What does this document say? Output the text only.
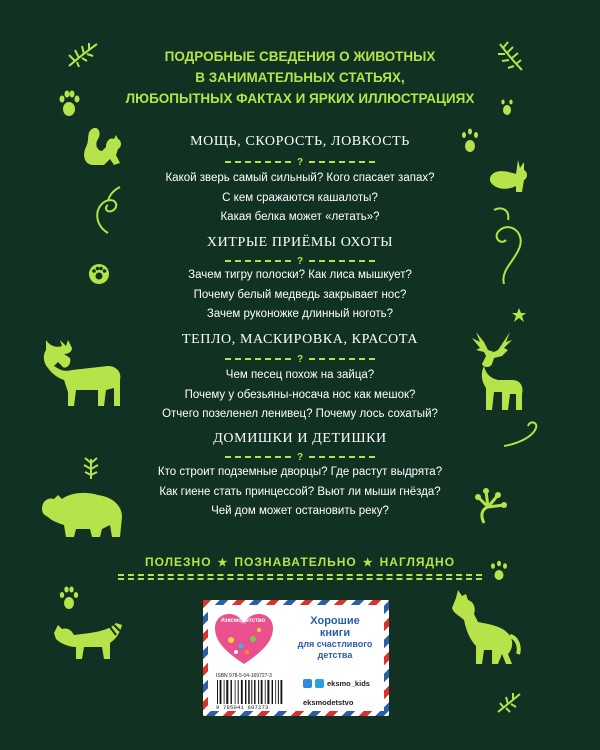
ПОДРОБНЫЕ СВЕДЕНИЯ О ЖИВОТНЫХ
В ЗАНИМАТЕЛЬНЫХ СТАТЬЯХ,
ЛЮБОПЫТНЫХ ФАКТАХ И ЯРКИХ ИЛЛЮСТРАЦИЯХ
МОЩЬ, СКОРОСТЬ, ЛОВКОСТЬ
?
Какой зверь самый сильный? Кого спасает запах?
С кем сражаются кашалоты?
Какая белка может «летать»?
ХИТРЫЕ ПРИЁМЫ ОХОТЫ
?
Зачем тигру полоски? Как лиса мышкует?
Почему белый медведь закрывает нос?
Зачем руконожке длинный ноготь?
ТЕПЛО, МАСКИРОВКА, КРАСОТА
?
Чем песец похож на зайца?
Почему у обезьяны-носача нос как мешок?
Отчего позеленел ленивец? Почему лось сохатый?
ДОМИШКИ И ДЕТИШКИ
?
Кто строит подземные дворцы? Где растут выдрята?
Как гиене стать принцессой? Вьют ли мыши гнёзда?
Чей дом может остановить реку?
ПОЛЕЗНО ★ ПОЗНАВАТЕЛЬНО ★ НАГЛЯДНО
#эксмодетство	Хорошие
книги
для счастливого
детства
ISBN 978-5-04-169727-3
9 785041 697273
eksmo_kids
eksmodetstvo
